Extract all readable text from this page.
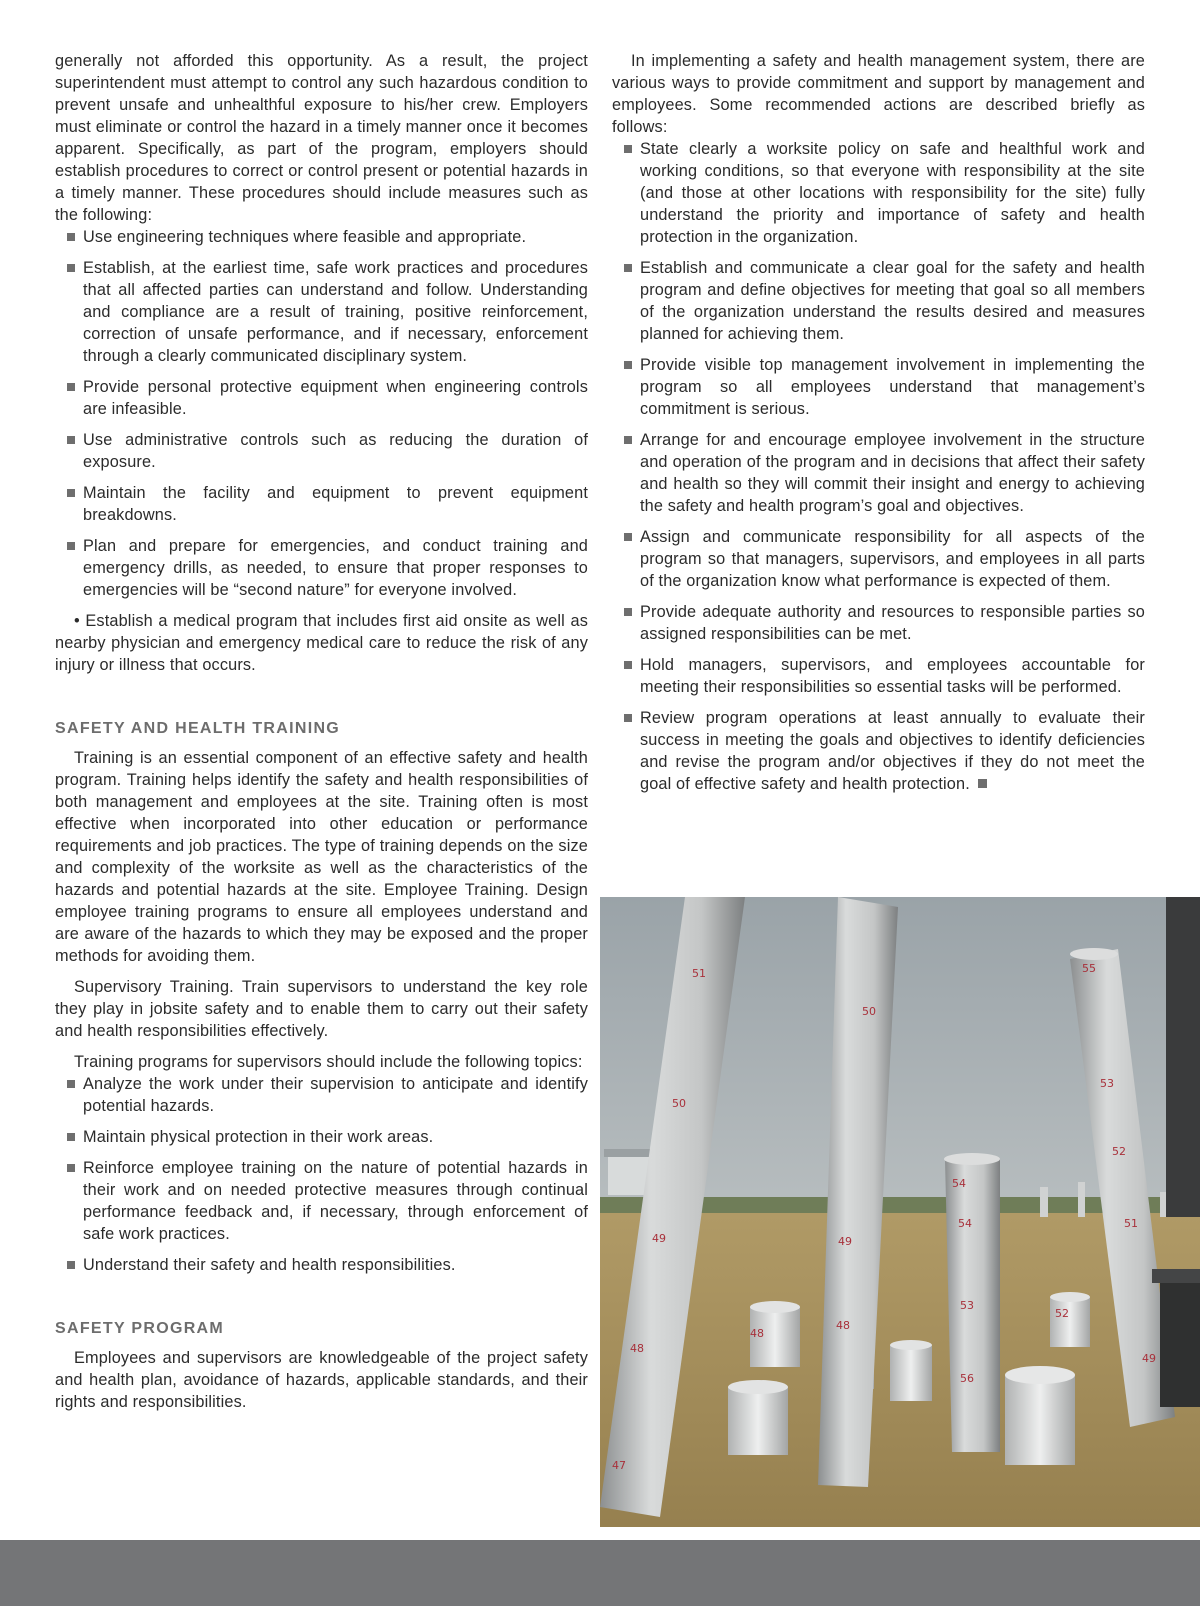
generally not afforded this opportunity. As a result, the project superintendent must attempt to control any such hazardous condition to prevent unsafe and unhealthful exposure to his/her crew. Employers must eliminate or control the hazard in a timely manner once it becomes apparent. Specifically, as part of the program, employers should establish procedures to correct or control present or potential hazards in a timely manner. These procedures should include measures such as the following:

Use engineering techniques where feasible and appropriate.
Establish, at the earliest time, safe work practices and procedures that all affected parties can understand and follow. Understanding and compliance are a result of training, positive reinforcement, correction of unsafe performance, and if necessary, enforcement through a clearly communicated disciplinary system.
Provide personal protective equipment when engineering controls are infeasible.
Use administrative controls such as reducing the duration of exposure.
Maintain the facility and equipment to prevent equipment breakdowns.
Plan and prepare for emergencies, and conduct training and emergency drills, as needed, to ensure that proper responses to emergencies will be “second nature” for everyone involved.

• Establish a medical program that includes first aid onsite as well as nearby physician and emergency medical care to reduce the risk of any injury or illness that occurs.

SAFETY AND HEALTH TRAINING

Training is an essential component of an effective safety and health program. Training helps identify the safety and health responsibilities of both management and employees at the site. Training often is most effective when incorporated into other education or performance requirements and job practices. The type of training depends on the size and complexity of the worksite as well as the characteristics of the hazards and potential hazards at the site. Employee Training. Design employee training programs to ensure all employees understand and are aware of the hazards to which they may be exposed and the proper methods for avoiding them.

Supervisory Training. Train supervisors to understand the key role they play in jobsite safety and to enable them to carry out their safety and health responsibilities effectively.

Training programs for supervisors should include the following topics:

Analyze the work under their supervision to anticipate and identify potential hazards.
Maintain physical protection in their work areas.
Reinforce employee training on the nature of potential hazards in their work and on needed protective measures through continual performance feedback and, if necessary, through enforcement of safe work practices.
Understand their safety and health responsibilities.
SAFETY PROGRAM

Employees and supervisors are knowledgeable of the project safety and health plan, avoidance of hazards, applicable standards, and their rights and responsibilities.

In implementing a safety and health management system, there are various ways to provide commitment and support by management and employees. Some recommended actions are described briefly as follows:

State clearly a worksite policy on safe and healthful work and working conditions, so that everyone with responsibility at the site (and those at other locations with responsibility for the site) fully understand the priority and importance of safety and health protection in the organization.
Establish and communicate a clear goal for the safety and health program and define objectives for meeting that goal so all members of the organization understand the results desired and measures planned for achieving them.
Provide visible top management involvement in implementing the program so all employees understand that management’s commitment is serious.
Arrange for and encourage employee involvement in the structure and operation of the program and in decisions that affect their safety and health so they will commit their insight and energy to achieving the safety and health program’s goal and objectives.
Assign and communicate responsibility for all aspects of the program so that managers, supervisors, and employees in all parts of the organization know what performance is expected of them.
Provide adequate authority and resources to responsible parties so assigned responsibilities can be met.
Hold managers, supervisors, and employees accountable for meeting their responsibilities so essential tasks will be performed.
Review program operations at least annually to evaluate their success in meeting the goals and objectives to identify deficiencies and revise the program and/or objectives if they do not meet the goal of effective safety and health protection.
51
50
49
48
47
50
54
55
53
52
51
49
48
48
53
52
56
54
49
